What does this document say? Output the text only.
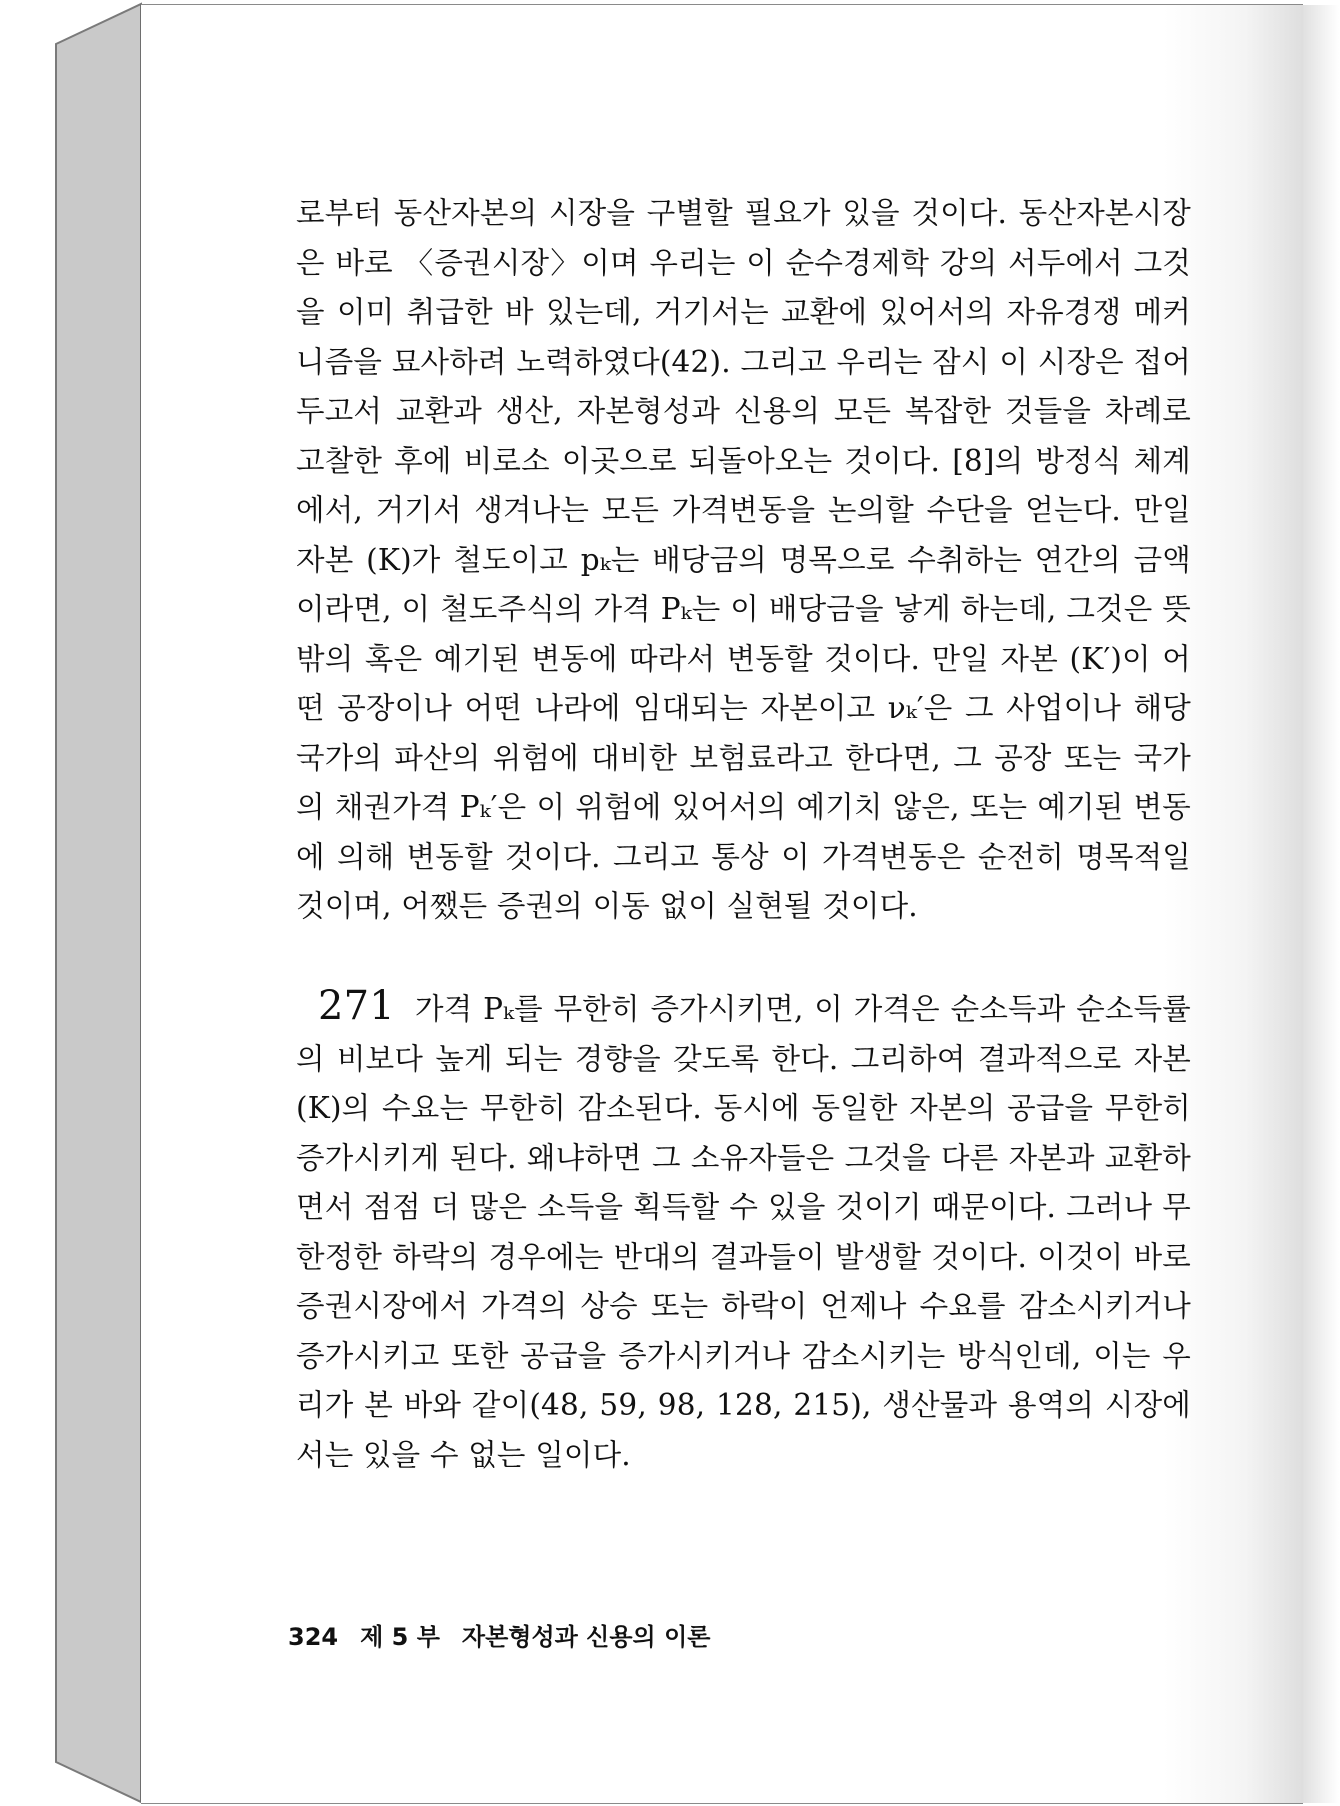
로부터 동산자본의 시장을 구별할 필요가 있을 것이다. 동산자본시장은 바로 〈증권시장〉이며 우리는 이 순수경제학 강의 서두에서 그것을 이미 취급한 바 있는데, 거기서는 교환에 있어서의 자유경쟁 메커니즘을 묘사하려 노력하였다(42). 그리고 우리는 잠시 이 시장은 접어두고서 교환과 생산, 자본형성과 신용의 모든 복잡한 것들을 차례로 고찰한 후에 비로소 이곳으로 되돌아오는 것이다. [8]의 방정식 체계에서, 거기서 생겨나는 모든 가격변동을 논의할 수단을 얻는다. 만일 자본 (K)가 철도이고 pₖ는 배당금의 명목으로 수취하는 연간의 금액이라면, 이 철도주식의 가격 Pₖ는 이 배당금을 낳게 하는데, 그것은 뜻밖의 혹은 예기된 변동에 따라서 변동할 것이다. 만일 자본 (K′)이 어떤 공장이나 어떤 나라에 임대되는 자본이고 νₖ′은 그 사업이나 해당 국가의 파산의 위험에 대비한 보험료라고 한다면, 그 공장 또는 국가의 채권가격 Pₖ′은 이 위험에 있어서의 예기치 않은, 또는 예기된 변동에 의해 변동할 것이다. 그리고 통상 이 가격변동은 순전히 명목적일 것이며, 어쨌든 증권의 이동 없이 실현될 것이다.
271 가격 Pₖ를 무한히 증가시키면, 이 가격은 순소득과 순소득률의 비보다 높게 되는 경향을 갖도록 한다. 그리하여 결과적으로 자본 (K)의 수요는 무한히 감소된다. 동시에 동일한 자본의 공급을 무한히 증가시키게 된다. 왜냐하면 그 소유자들은 그것을 다른 자본과 교환하면서 점점 더 많은 소득을 획득할 수 있을 것이기 때문이다. 그러나 무한정한 하락의 경우에는 반대의 결과들이 발생할 것이다. 이것이 바로 증권시장에서 가격의 상승 또는 하락이 언제나 수요를 감소시키거나 증가시키고 또한 공급을 증가시키거나 감소시키는 방식인데, 이는 우리가 본 바와 같이(48, 59, 98, 128, 215), 생산물과 용역의 시장에서는 있을 수 없는 일이다.
324 제 5 부 자본형성과 신용의 이론
